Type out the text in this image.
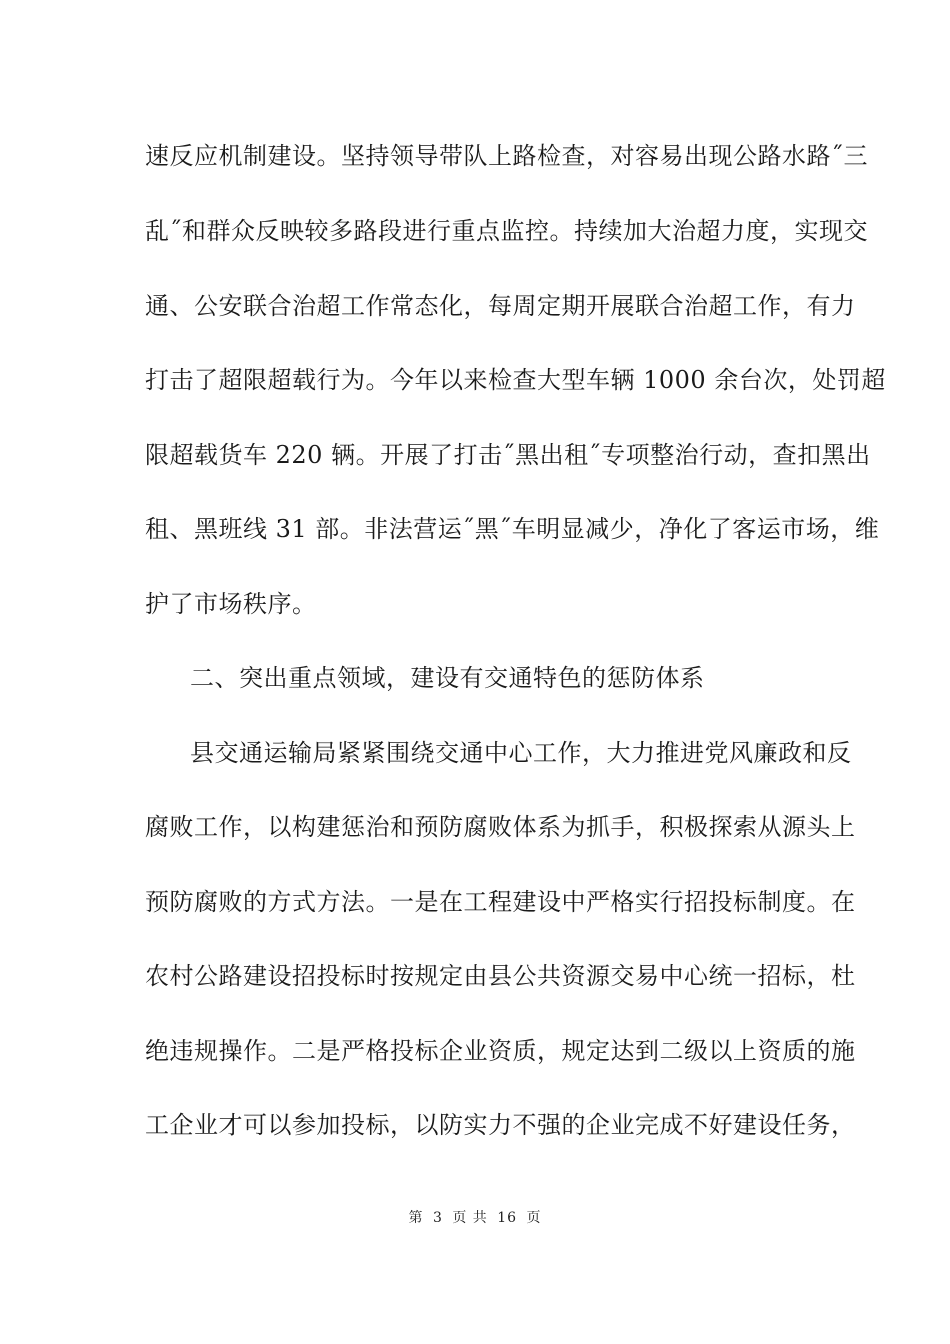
速反应机制建设。坚持领导带队上路检查，对容易出现公路水路˝三
乱˝和群众反映较多路段进行重点监控。持续加大治超力度，实现交
通、公安联合治超工作常态化，每周定期开展联合治超工作，有力
打击了超限超载行为。今年以来检查大型车辆 1000 余台次，处罚超
限超载货车 220 辆。开展了打击˝黑出租˝专项整治行动，查扣黑出
租、黑班线 31 部。非法营运˝黑˝车明显减少，净化了客运市场，维
护了市场秩序。
二、突出重点领域，建设有交通特色的惩防体系
县交通运输局紧紧围绕交通中心工作，大力推进党风廉政和反
腐败工作，以构建惩治和预防腐败体系为抓手，积极探索从源头上
预防腐败的方式方法。一是在工程建设中严格实行招投标制度。在
农村公路建设招投标时按规定由县公共资源交易中心统一招标，杜
绝违规操作。二是严格投标企业资质，规定达到二级以上资质的施
工企业才可以参加投标，以防实力不强的企业完成不好建设任务，
第 3 页 共 16 页
